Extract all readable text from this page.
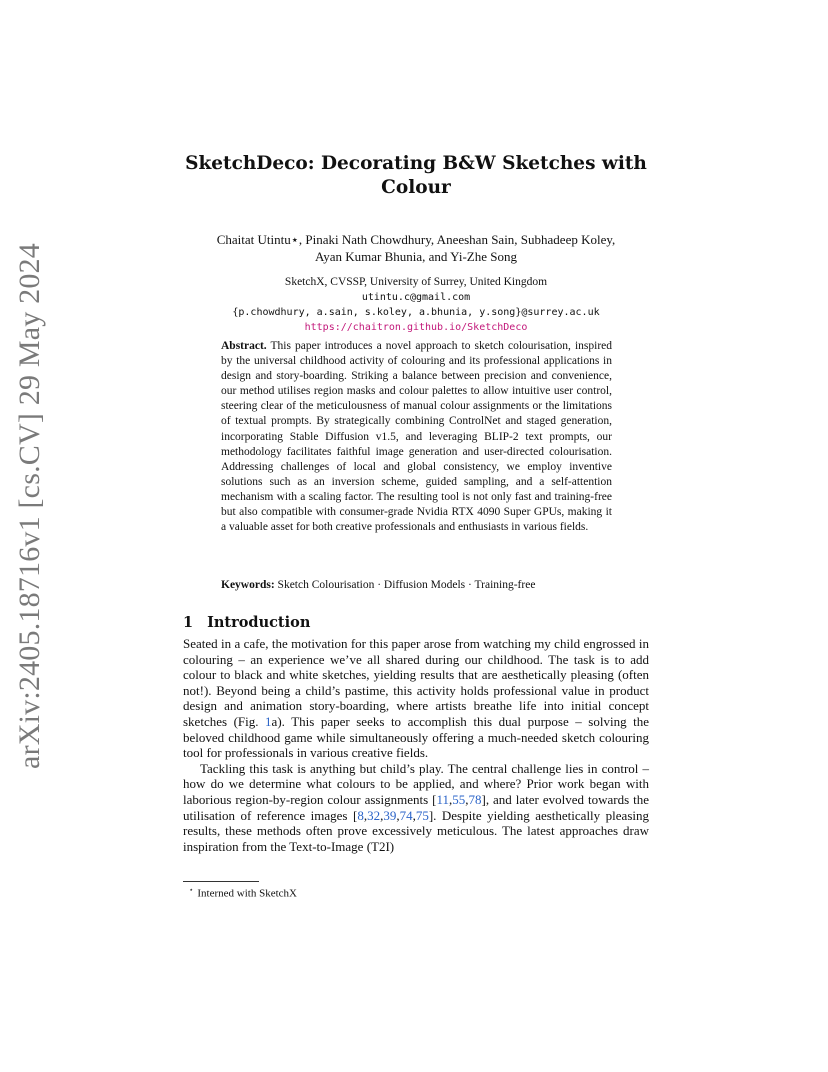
arXiv:2405.18716v1 [cs.CV] 29 May 2024
SketchDeco: Decorating B&W Sketches with Colour
Chaitat Utintu⋆, Pinaki Nath Chowdhury, Aneeshan Sain, Subhadeep Koley,
Ayan Kumar Bhunia, and Yi-Zhe Song
SketchX, CVSSP, University of Surrey, United Kingdom
utintu.c@gmail.com
{p.chowdhury, a.sain, s.koley, a.bhunia, y.song}@surrey.ac.uk
https://chaitron.github.io/SketchDeco

Abstract. This paper introduces a novel approach to sketch colourisation, inspired by the universal childhood activity of colouring and its professional applications in design and story-boarding. Striking a balance between precision and convenience, our method utilises region masks and colour palettes to allow intuitive user control, steering clear of the meticulousness of manual colour assignments or the limitations of textual prompts. By strategically combining ControlNet and staged generation, incorporating Stable Diffusion v1.5, and leveraging BLIP-2 text prompts, our methodology facilitates faithful image generation and user-directed colourisation. Addressing challenges of local and global consistency, we employ inventive solutions such as an inversion scheme, guided sampling, and a self-attention mechanism with a scaling factor. The resulting tool is not only fast and training-free but also compatible with consumer-grade Nvidia RTX 4090 Super GPUs, making it a valuable asset for both creative professionals and enthusiasts in various fields.

Keywords: Sketch Colourisation · Diffusion Models · Training-free

1 Introduction

Seated in a cafe, the motivation for this paper arose from watching my child engrossed in colouring – an experience we’ve all shared during our childhood. The task is to add colour to black and white sketches, yielding results that are aesthetically pleasing (often not!). Beyond being a child’s pastime, this activity holds professional value in product design and animation story-boarding, where artists breathe life into initial concept sketches (Fig. 1a). This paper seeks to accomplish this dual purpose – solving the beloved childhood game while simultaneously offering a much-needed sketch colouring tool for professionals in various creative fields.

Tackling this task is anything but child’s play. The central challenge lies in control – how do we determine what colours to be applied, and where? Prior work began with laborious region-by-region colour assignments [11,55,78], and later evolved towards the utilisation of reference images [8,32,39,74,75]. Despite yielding aesthetically pleasing results, these methods often prove excessively meticulous. The latest approaches draw inspiration from the Text-to-Image (T2I)

⋆ Interned with SketchX
